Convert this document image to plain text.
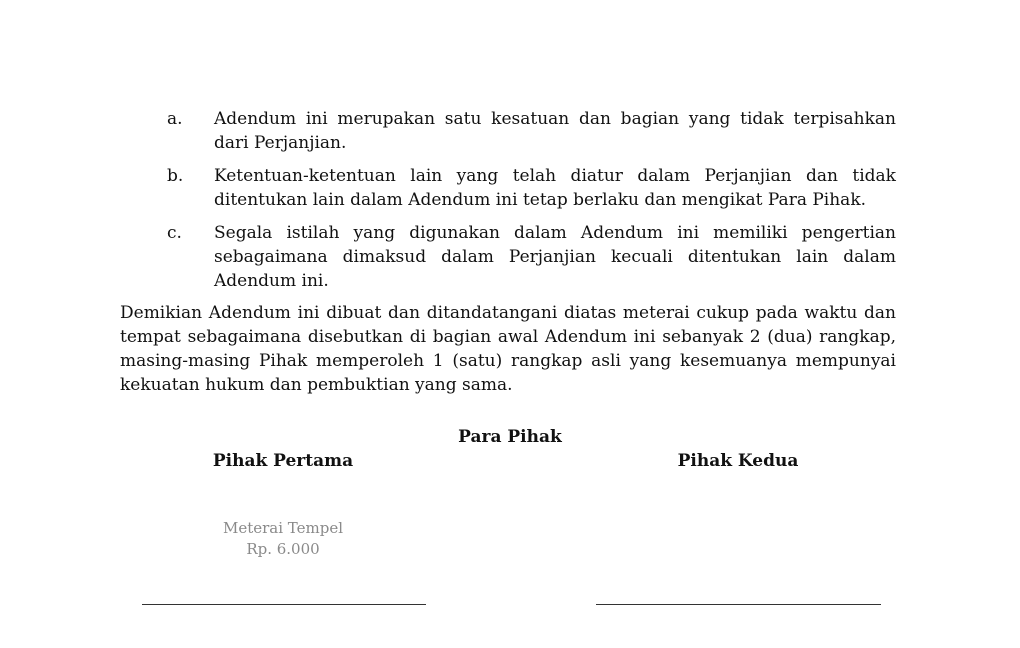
a.	Adendum ini merupakan satu kesatuan dan bagian yang tidak terpisahkan dari Perjanjian.
b.	Ketentuan-ketentuan lain yang telah diatur dalam Perjanjian dan tidak ditentukan lain dalam Adendum ini tetap berlaku dan mengikat Para Pihak.
c.	Segala istilah yang digunakan dalam Adendum ini memiliki pengertian sebagaimana dimaksud dalam Perjanjian kecuali ditentukan lain dalam Adendum ini.
Demikian Adendum ini dibuat dan ditandatangani diatas meterai cukup pada waktu dan tempat sebagaimana disebutkan di bagian awal Adendum ini sebanyak 2 (dua) rangkap, masing-masing Pihak memperoleh 1 (satu) rangkap asli yang kesemuanya mempunyai kekuatan hukum dan pembuktian yang sama.
Para Pihak
Pihak Pertama	Pihak Kedua
Meterai Tempel
Rp. 6.000
